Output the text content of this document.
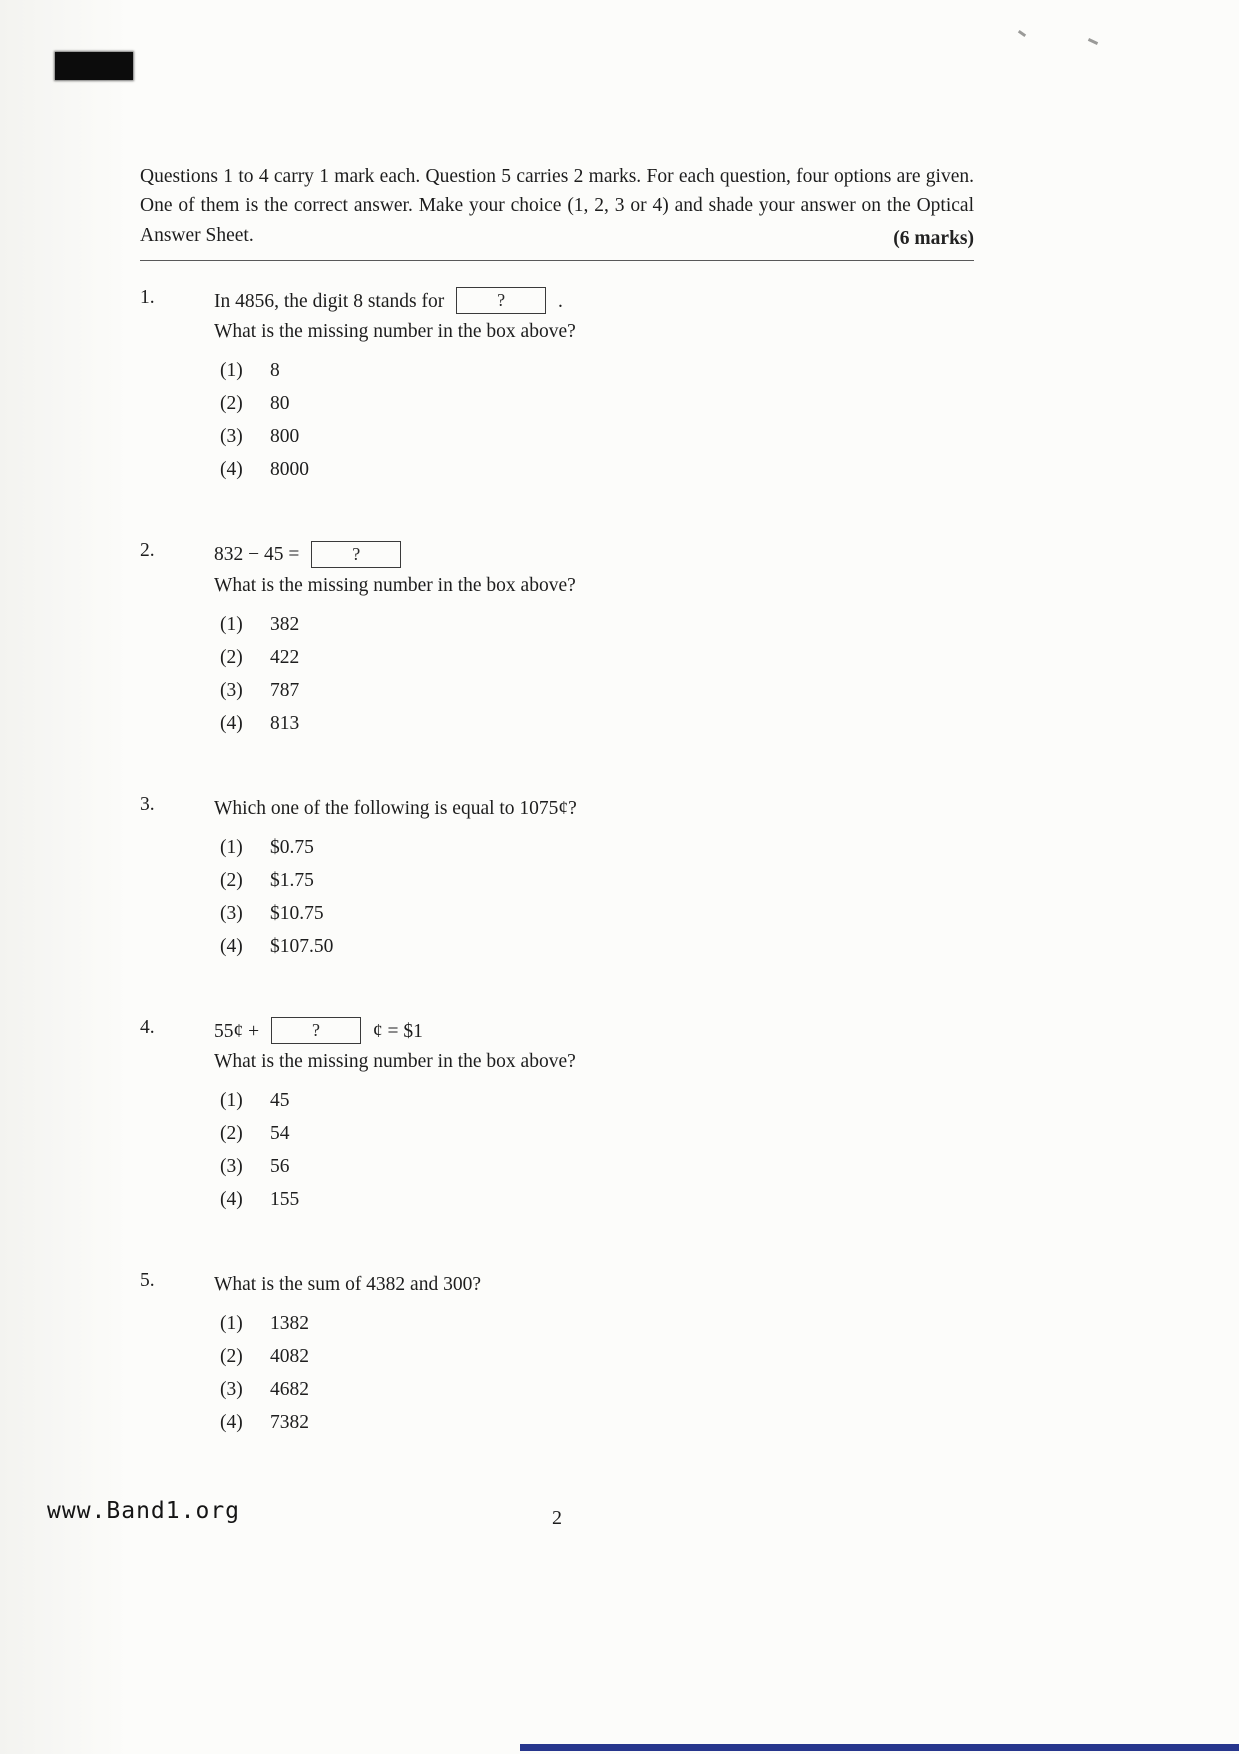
Questions 1 to 4 carry 1 mark each. Question 5 carries 2 marks. For each question, four options are given. One of them is the correct answer. Make your choice (1, 2, 3 or 4) and shade your answer on the Optical Answer Sheet.	(6 marks)
1.	In 4856, the digit 8 stands for	?	.
What is the missing number in the box above?
(1)	8
(2)	80
(3)	800
(4)	8000
2.	832 − 45 =	?
What is the missing number in the box above?
(1)	382
(2)	422
(3)	787
(4)	813
3.	Which one of the following is equal to 1075¢?
(1)	$0.75
(2)	$1.75
(3)	$10.75
(4)	$107.50
4.	55¢ +	?	¢ = $1
What is the missing number in the box above?
(1)	45
(2)	54
(3)	56
(4)	155
5.	What is the sum of 4382 and 300?
(1)	1382
(2)	4082
(3)	4682
(4)	7382
2
www.Band1.org
